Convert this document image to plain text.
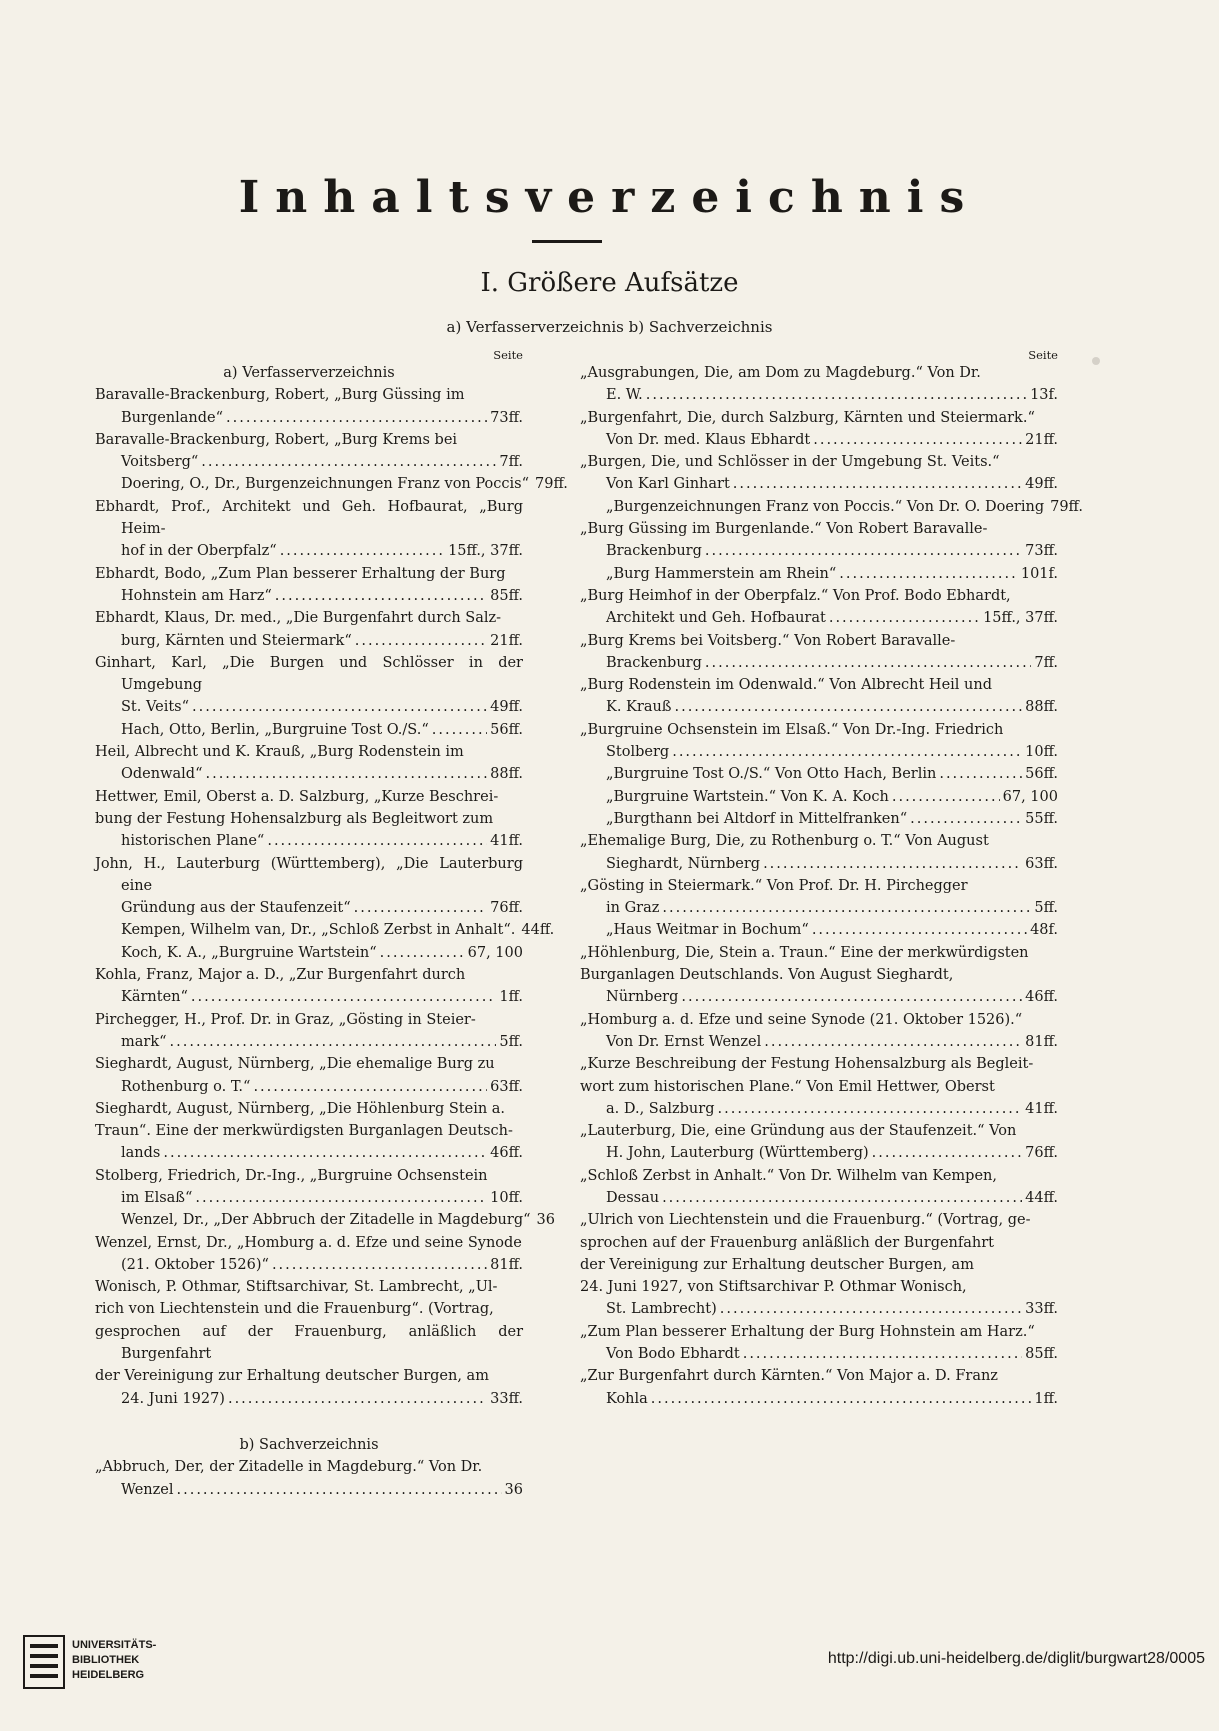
Inhaltsverzeichnis
I. Größere Aufsätze
a) Verfasserverzeichnis b) Sachverzeichnis
Seite
a) Verfasserverzeichnis
Baravalle-Brackenburg, Robert, „Burg Güssing im
Burgenlande“ .....	73ff.
Baravalle-Brackenburg, Robert, „Burg Krems bei
Voitsberg“ .....	7ff.
Doering, O., Dr., Burgenzeichnungen Franz von Poccis“ 79ff.
Ebhardt, Prof., Architekt und Geh. Hofbaurat, „Burg Heim-
hof in der Oberpfalz“ .....	15ff., 37ff.
Ebhardt, Bodo, „Zum Plan besserer Erhaltung der Burg
Hohnstein am Harz“ .....	85ff.
Ebhardt, Klaus, Dr. med., „Die Burgenfahrt durch Salz-
burg, Kärnten und Steiermark“ .....	21ff.
Ginhart, Karl, „Die Burgen und Schlösser in der Umgebung
St. Veits“ .....	49ff.
Hach, Otto, Berlin, „Burgruine Tost O./S.“ .....	56ff.
Heil, Albrecht und K. Krauß, „Burg Rodenstein im
Odenwald“ .....	88ff.
Hettwer, Emil, Oberst a. D. Salzburg, „Kurze Beschrei-
bung der Festung Hohensalzburg als Begleitwort zum
historischen Plane“ .....	41ff.
John, H., Lauterburg (Württemberg), „Die Lauterburg eine
Gründung aus der Staufenzeit“ .....	76ff.
Kempen, Wilhelm van, Dr., „Schloß Zerbst in Anhalt“. 44ff.
Koch, K. A., „Burgruine Wartstein“ .....	67, 100
Kohla, Franz, Major a. D., „Zur Burgenfahrt durch
Kärnten“ .....	1ff.
Pirchegger, H., Prof. Dr. in Graz, „Gösting in Steier-
mark“ .....	5ff.
Sieghardt, August, Nürnberg, „Die ehemalige Burg zu
Rothenburg o. T.“ .....	63ff.
Sieghardt, August, Nürnberg, „Die Höhlenburg Stein a.
Traun“. Eine der merkwürdigsten Burganlagen Deutsch-
lands .....	46ff.
Stolberg, Friedrich, Dr.-Ing., „Burgruine Ochsenstein
im Elsaß“ .....	10ff.
Wenzel, Dr., „Der Abbruch der Zitadelle in Magdeburg“ 36
Wenzel, Ernst, Dr., „Homburg a. d. Efze und seine Synode
(21. Oktober 1526)“ .....	81ff.
Wonisch, P. Othmar, Stiftsarchivar, St. Lambrecht, „Ul-
rich von Liechtenstein und die Frauenburg“. (Vortrag,
gesprochen auf der Frauenburg, anläßlich der Burgenfahrt
der Vereinigung zur Erhaltung deutscher Burgen, am
24. Juni 1927) .....	33ff.
b) Sachverzeichnis
„Abbruch, Der, der Zitadelle in Magdeburg.“ Von Dr.
Wenzel .....	36
Seite
„Ausgrabungen, Die, am Dom zu Magdeburg.“ Von Dr.
E. W. .....	13f.
„Burgenfahrt, Die, durch Salzburg, Kärnten und Steiermark.“
Von Dr. med. Klaus Ebhardt .....	21ff.
„Burgen, Die, und Schlösser in der Umgebung St. Veits.“
Von Karl Ginhart .....	49ff.
„Burgenzeichnungen Franz von Poccis.“ Von Dr. O. Doering 79ff.
„Burg Güssing im Burgenlande.“ Von Robert Baravalle-
Brackenburg .....	73ff.
„Burg Hammerstein am Rhein“ .....	101f.
„Burg Heimhof in der Oberpfalz.“ Von Prof. Bodo Ebhardt,
Architekt und Geh. Hofbaurat .....	15ff., 37ff.
„Burg Krems bei Voitsberg.“ Von Robert Baravalle-
Brackenburg .....	7ff.
„Burg Rodenstein im Odenwald.“ Von Albrecht Heil und
K. Krauß .....	88ff.
„Burgruine Ochsenstein im Elsaß.“ Von Dr.-Ing. Friedrich
Stolberg .....	10ff.
„Burgruine Tost O./S.“ Von Otto Hach, Berlin .....	56ff.
„Burgruine Wartstein.“ Von K. A. Koch .....	67, 100
„Burgthann bei Altdorf in Mittelfranken“ .....	55ff.
„Ehemalige Burg, Die, zu Rothenburg o. T.“ Von August
Sieghardt, Nürnberg .....	63ff.
„Gösting in Steiermark.“ Von Prof. Dr. H. Pirchegger
in Graz .....	5ff.
„Haus Weitmar in Bochum“ .....	48f.
„Höhlenburg, Die, Stein a. Traun.“ Eine der merkwürdigsten
Burganlagen Deutschlands. Von August Sieghardt,
Nürnberg .....	46ff.
„Homburg a. d. Efze und seine Synode (21. Oktober 1526).“
Von Dr. Ernst Wenzel .....	81ff.
„Kurze Beschreibung der Festung Hohensalzburg als Begleit-
wort zum historischen Plane.“ Von Emil Hettwer, Oberst
a. D., Salzburg .....	41ff.
„Lauterburg, Die, eine Gründung aus der Staufenzeit.“ Von
H. John, Lauterburg (Württemberg) .....	76ff.
„Schloß Zerbst in Anhalt.“ Von Dr. Wilhelm van Kempen,
Dessau .....	44ff.
„Ulrich von Liechtenstein und die Frauenburg.“ (Vortrag, ge-
sprochen auf der Frauenburg anläßlich der Burgenfahrt
der Vereinigung zur Erhaltung deutscher Burgen, am
24. Juni 1927, von Stiftsarchivar P. Othmar Wonisch,
St. Lambrecht) .....	33ff.
„Zum Plan besserer Erhaltung der Burg Hohnstein am Harz.“
Von Bodo Ebhardt .....	85ff.
„Zur Burgenfahrt durch Kärnten.“ Von Major a. D. Franz
Kohla .....	1ff.
UNIVERSITÄTS-
BIBLIOTHEK
HEIDELBERG
http://digi.ub.uni-heidelberg.de/diglit/burgwart28/0005
